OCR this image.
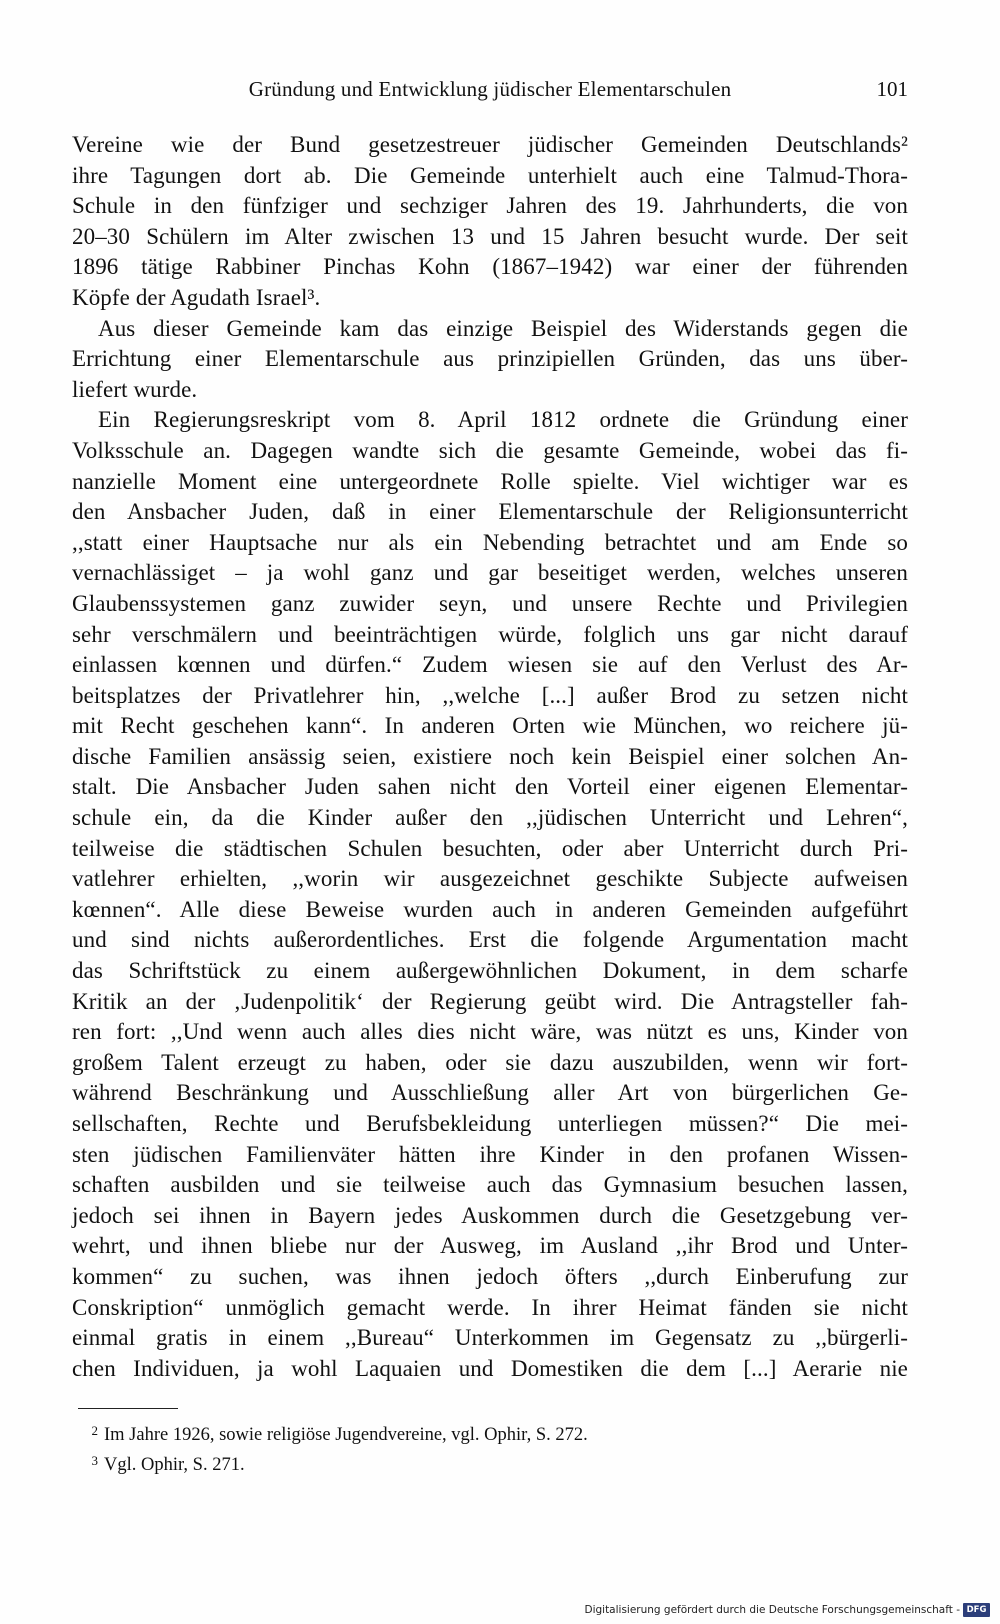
Gründung und Entwicklung jüdischer Elementarschulen	101
Vereine wie der Bund gesetzestreuer jüdischer Gemeinden Deutschlands²
ihre Tagungen dort ab. Die Gemeinde unterhielt auch eine Talmud-Thora-
Schule in den fünfziger und sechziger Jahren des 19. Jahrhunderts, die von
20–30 Schülern im Alter zwischen 13 und 15 Jahren besucht wurde. Der seit
1896 tätige Rabbiner Pinchas Kohn (1867–1942) war einer der führenden
Köpfe der Agudath Israel³.
Aus dieser Gemeinde kam das einzige Beispiel des Widerstands gegen die
Errichtung einer Elementarschule aus prinzipiellen Gründen, das uns über-
liefert wurde.
Ein Regierungsreskript vom 8. April 1812 ordnete die Gründung einer
Volksschule an. Dagegen wandte sich die gesamte Gemeinde, wobei das fi-
nanzielle Moment eine untergeordnete Rolle spielte. Viel wichtiger war es
den Ansbacher Juden, daß in einer Elementarschule der Religionsunterricht
,,statt einer Hauptsache nur als ein Nebending betrachtet und am Ende so
vernachlässiget – ja wohl ganz und gar beseitiget werden, welches unseren
Glaubenssystemen ganz zuwider seyn, und unsere Rechte und Privilegien
sehr verschmälern und beeinträchtigen würde, folglich uns gar nicht darauf
einlassen kœnnen und dürfen.“ Zudem wiesen sie auf den Verlust des Ar-
beitsplatzes der Privatlehrer hin, ,,welche [...] außer Brod zu setzen nicht
mit Recht geschehen kann“. In anderen Orten wie München, wo reichere jü-
dische Familien ansässig seien, existiere noch kein Beispiel einer solchen An-
stalt. Die Ansbacher Juden sahen nicht den Vorteil einer eigenen Elementar-
schule ein, da die Kinder außer den ,,jüdischen Unterricht und Lehren“,
teilweise die städtischen Schulen besuchten, oder aber Unterricht durch Pri-
vatlehrer erhielten, ,,worin wir ausgezeichnet geschikte Subjecte aufweisen
kœnnen“. Alle diese Beweise wurden auch in anderen Gemeinden aufgeführt
und sind nichts außerordentliches. Erst die folgende Argumentation macht
das Schriftstück zu einem außergewöhnlichen Dokument, in dem scharfe
Kritik an der ‚Judenpolitik‘ der Regierung geübt wird. Die Antragsteller fah-
ren fort: ,,Und wenn auch alles dies nicht wäre, was nützt es uns, Kinder von
großem Talent erzeugt zu haben, oder sie dazu auszubilden, wenn wir fort-
während Beschränkung und Ausschließung aller Art von bürgerlichen Ge-
sellschaften, Rechte und Berufsbekleidung unterliegen müssen?“ Die mei-
sten jüdischen Familienväter hätten ihre Kinder in den profanen Wissen-
schaften ausbilden und sie teilweise auch das Gymnasium besuchen lassen,
jedoch sei ihnen in Bayern jedes Auskommen durch die Gesetzgebung ver-
wehrt, und ihnen bliebe nur der Ausweg, im Ausland ,,ihr Brod und Unter-
kommen“ zu suchen, was ihnen jedoch öfters ,,durch Einberufung zur
Conskription“ unmöglich gemacht werde. In ihrer Heimat fänden sie nicht
einmal gratis in einem ,,Bureau“ Unterkommen im Gegensatz zu ,,bürgerli-
chen Individuen, ja wohl Laquaien und Domestiken die dem [...] Aerarie nie
2 Im Jahre 1926, sowie religiöse Jugendvereine, vgl. Ophir, S. 272.
3 Vgl. Ophir, S. 271.
Digitalisierung gefördert durch die Deutsche Forschungsgemeinschaft - DFG
